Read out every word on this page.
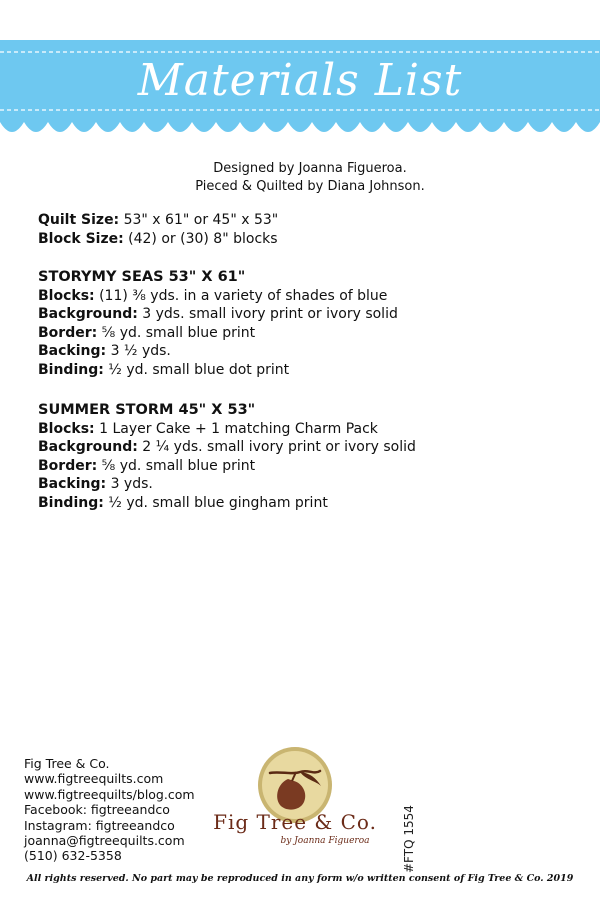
Materials List
Designed by Joanna Figueroa.
Pieced & Quilted by Diana Johnson.
Quilt Size: 53" x 61" or 45" x 53"
Block Size: (42) or (30) 8" blocks
STORYMY SEAS 53" X 61"
Blocks: (11) ⅜ yds. in a variety of shades of blue
Background: 3 yds. small ivory print or ivory solid
Border: ⅝ yd. small blue print
Backing: 3 ½ yds.
Binding: ½ yd. small blue dot print
SUMMER STORM 45" X 53"
Blocks: 1 Layer Cake + 1 matching Charm Pack
Background: 2 ¼ yds. small ivory print or ivory solid
Border: ⅝ yd. small blue print
Backing: 3 yds.
Binding: ½ yd. small blue gingham print
Fig Tree & Co.
www.figtreequilts.com
www.figtreequilts/blog.com
Facebook: figtreeandco
Instagram: figtreeandco
joanna@figtreequilts.com
(510) 632-5358
Fig Tree & Co.
by Joanna Figueroa	#FTQ 1554
All rights reserved. No part may be reproduced in any form w/o written consent of Fig Tree & Co. 2019
